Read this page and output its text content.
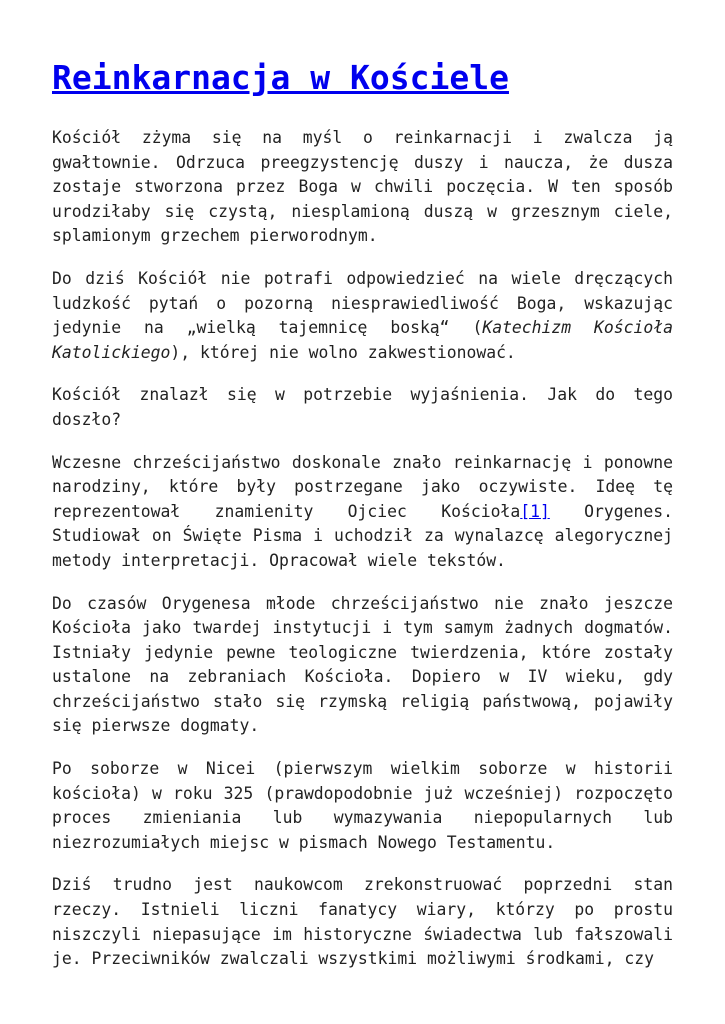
Reinkarnacja w Kościele

Kościół zżyma się na myśl o reinkarnacji i zwalcza ją gwałtownie. Odrzuca preegzystencję duszy i naucza, że dusza zostaje stworzona przez Boga w chwili poczęcia. W ten sposób urodziłaby się czystą, niesplamioną duszą w grzesznym ciele, splamionym grzechem pierworodnym.

Do dziś Kościół nie potrafi odpowiedzieć na wiele dręczących ludzkość pytań o pozorną niesprawiedliwość Boga, wskazując jedynie na „wielką tajemnicę boską“ (Katechizm Kościoła Katolickiego), której nie wolno zakwestionować.

Kościół znalazł się w potrzebie wyjaśnienia. Jak do tego doszło?

Wczesne chrześcijaństwo doskonale znało reinkarnację i ponowne narodziny, które były postrzegane jako oczywiste. Ideę tę reprezentował znamienity Ojciec Kościoła[1] Orygenes. Studiował on Święte Pisma i uchodził za wynalazcę alegorycznej metody interpretacji. Opracował wiele tekstów.

Do czasów Orygenesa młode chrześcijaństwo nie znało jeszcze Kościoła jako twardej instytucji i tym samym żadnych dogmatów. Istniały jedynie pewne teologiczne twierdzenia, które zostały ustalone na zebraniach Kościoła. Dopiero w IV wieku, gdy chrześcijaństwo stało się rzymską religią państwową, pojawiły się pierwsze dogmaty.

Po soborze w Nicei (pierwszym wielkim soborze w historii kościoła) w roku 325 (prawdopodobnie już wcześniej) rozpoczęto proces zmieniania lub wymazywania niepopularnych lub niezrozumiałych miejsc w pismach Nowego Testamentu.

Dziś trudno jest naukowcom zrekonstruować poprzedni stan rzeczy. Istnieli liczni fanatycy wiary, którzy po prostu niszczyli niepasujące im historyczne świadectwa lub fałszowali je. Przeciwników zwalczali wszystkimi możliwymi środkami, czy
